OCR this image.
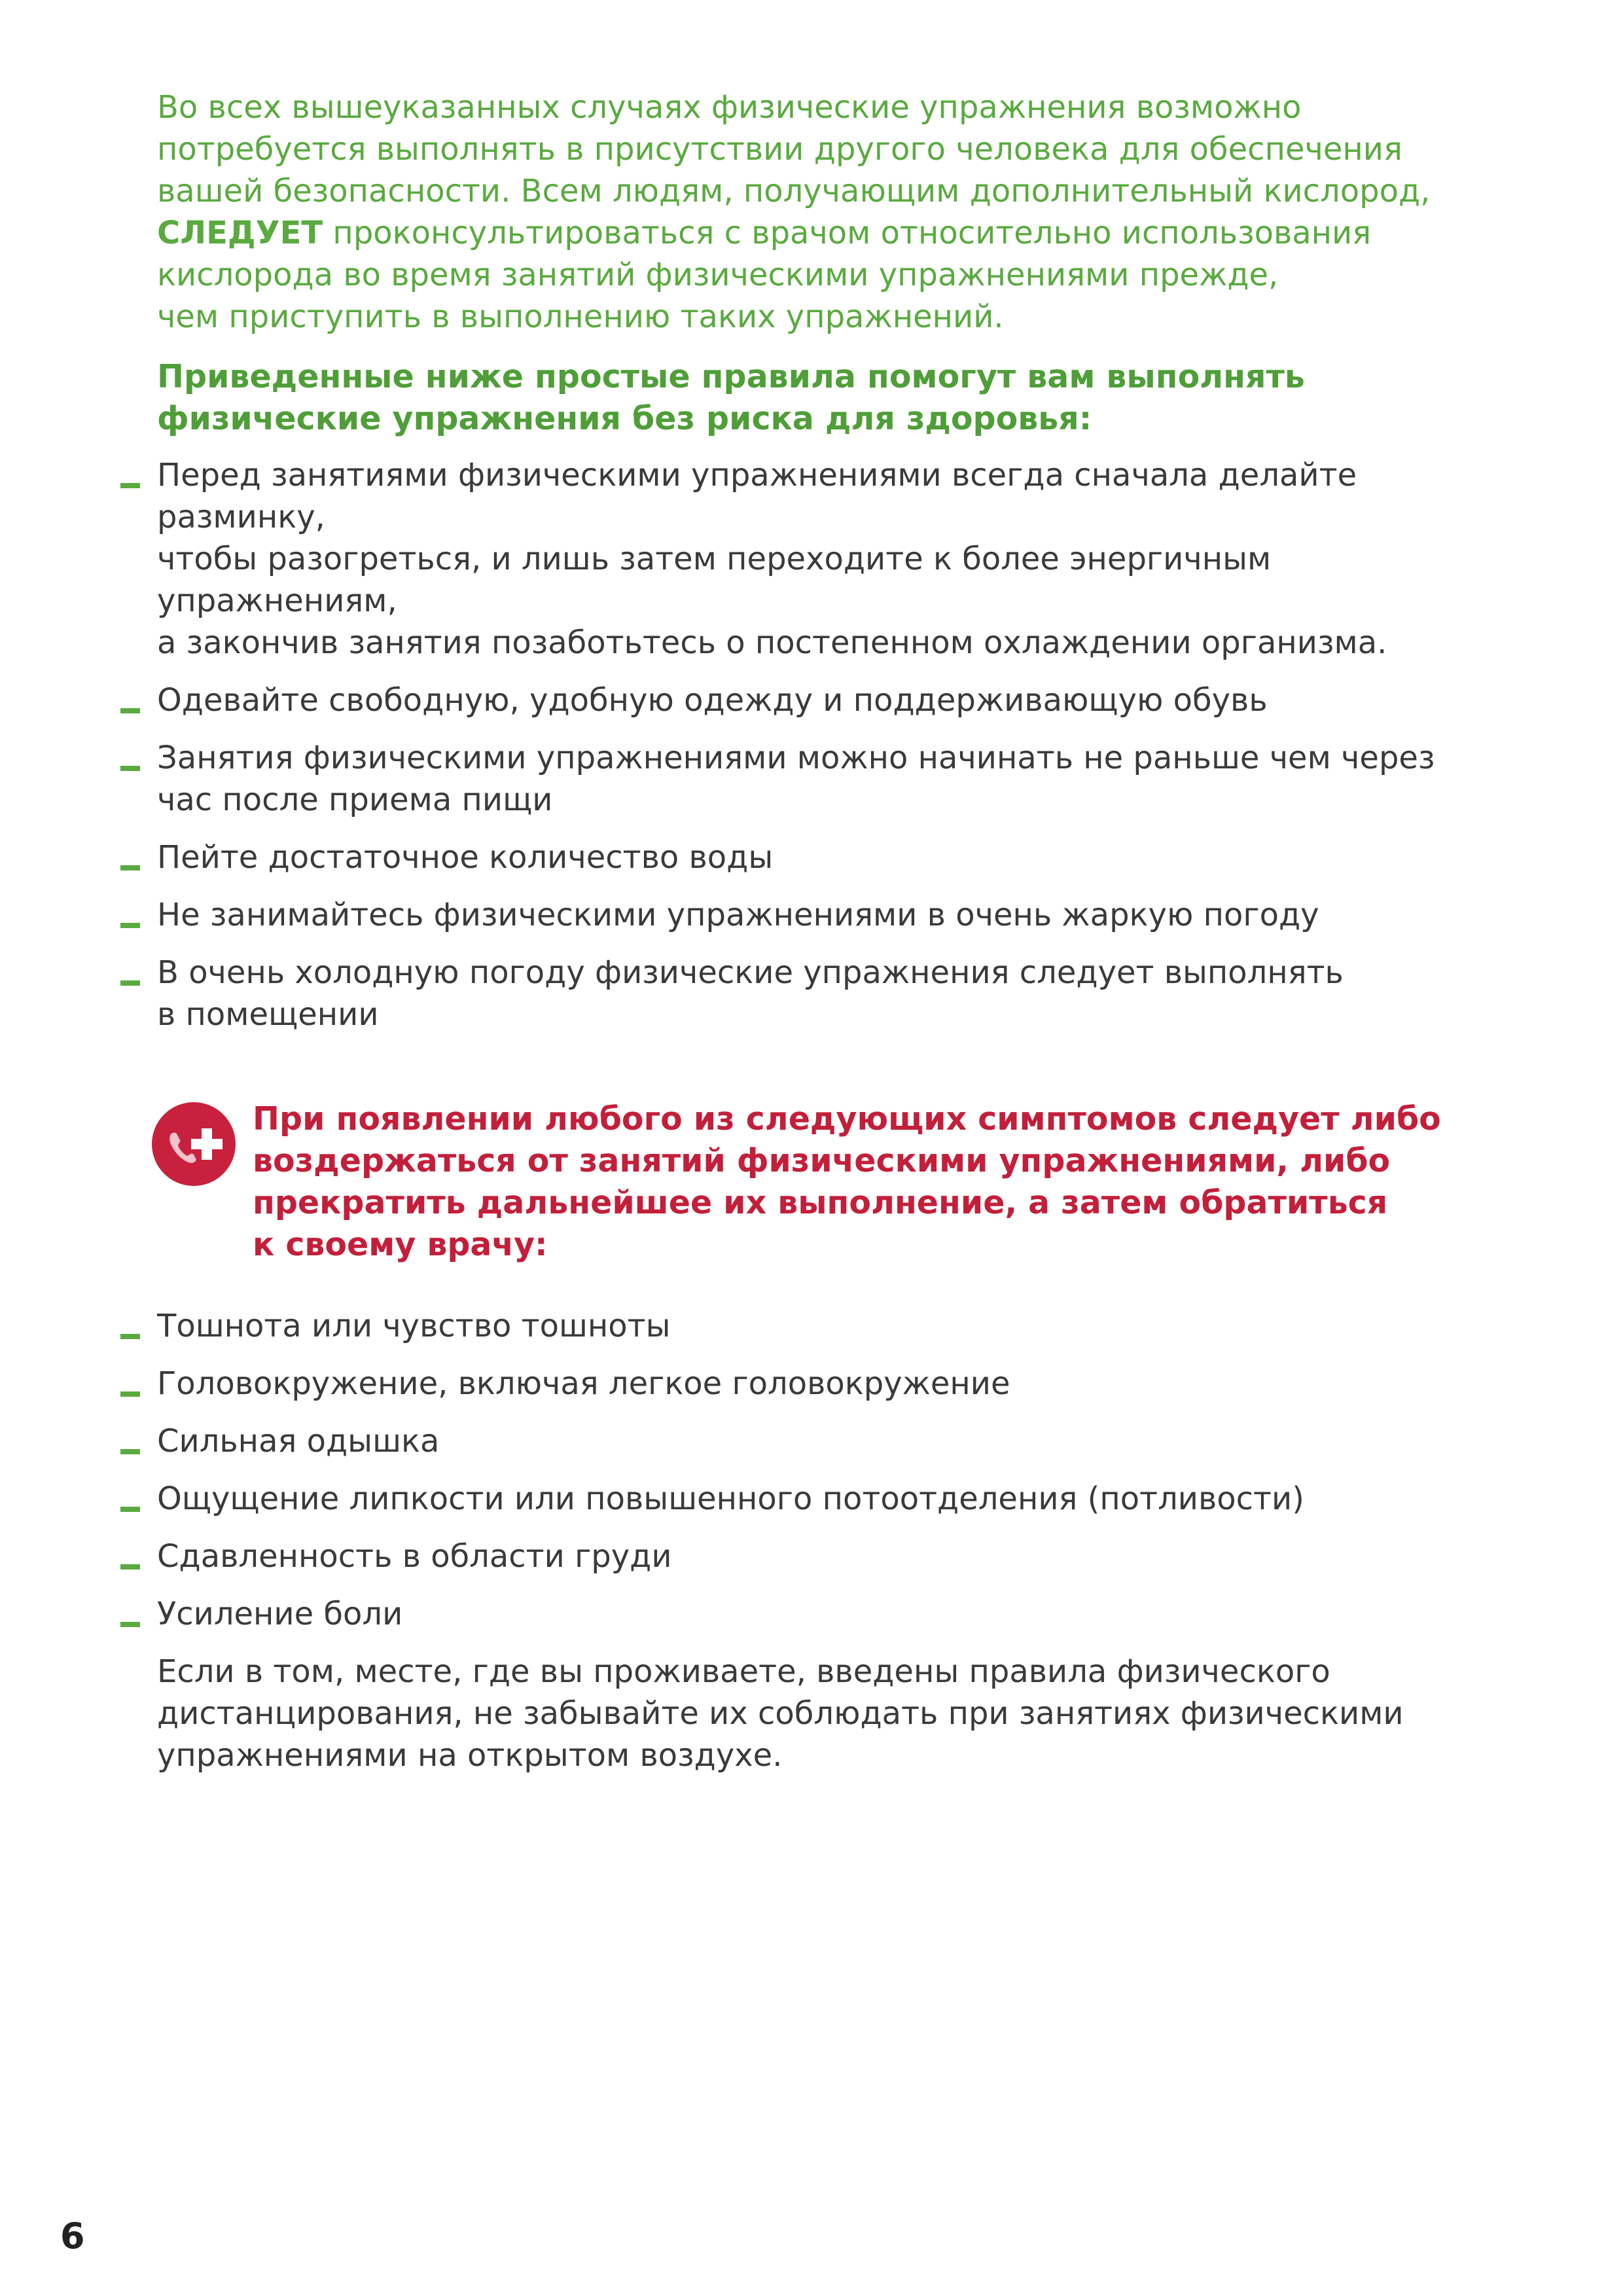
Во всех вышеуказанных случаях физические упражнения возможно
потребуется выполнять в присутствии другого человека для обеспечения
вашей безопасности. Всем людям, получающим дополнительный кислород,
СЛЕДУЕТ проконсультироваться с врачом относительно использования
кислорода во время занятий физическими упражнениями прежде,
чем приступить в выполнению таких упражнений.

Приведенные ниже простые правила помогут вам выполнять
физические упражнения без риска для здоровья:

Перед занятиями физическими упражнениями всегда сначала делайте разминку,
чтобы разогреться, и лишь затем переходите к более энергичным упражнениям,
а закончив занятия позаботьтесь о постепенном охлаждении организма.
Одевайте свободную, удобную одежду и поддерживающую обувь
Занятия физическими упражнениями можно начинать не раньше чем через
час после приема пищи
Пейте достаточное количество воды
Не занимайтесь физическими упражнениями в очень жаркую погоду
В очень холодную погоду физические упражнения следует выполнять
в помещении
При появлении любого из следующих симптомов следует либо
воздержаться от занятий физическими упражнениями, либо
прекратить дальнейшее их выполнение, а затем обратиться
к своему врачу:
Тошнота или чувство тошноты
Головокружение, включая легкое головокружение
Сильная одышка
Ощущение липкости или повышенного потоотделения (потливости)
Сдавленность в области груди
Усиление боли

Если в том, месте, где вы проживаете, введены правила физического
дистанцирования, не забывайте их соблюдать при занятиях физическими
упражнениями на открытом воздухе.

6
